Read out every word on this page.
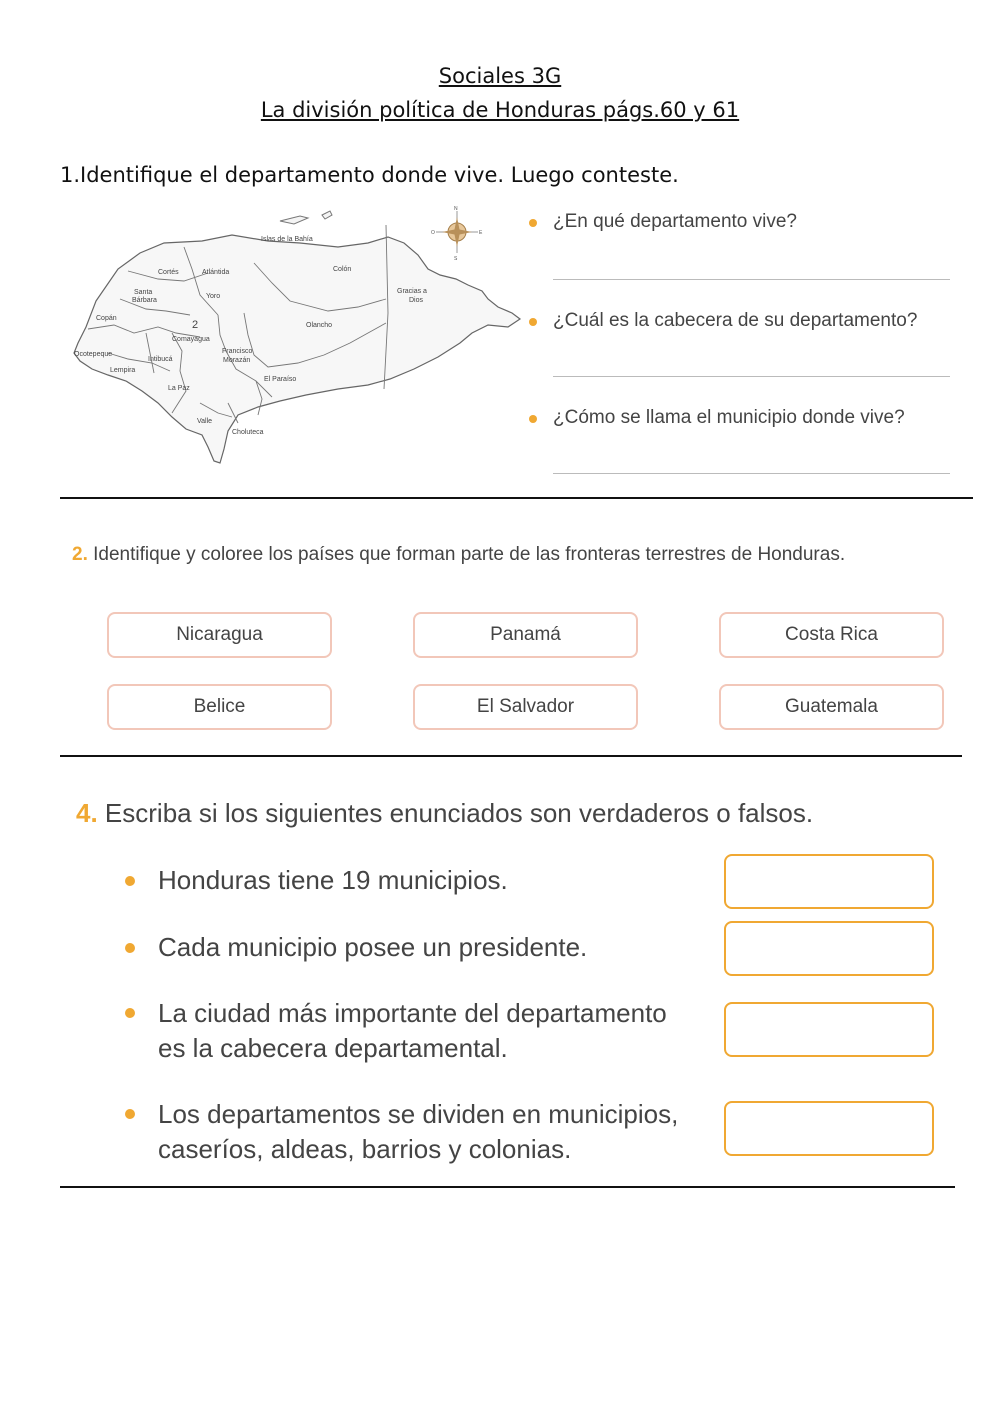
Sociales 3G
La división política de Honduras págs.60 y 61
1.Identifique el departamento donde vive. Luego conteste.
Islas de la Bahía
Cortés	Atlántida	Colón
Santa
Bárbara
Yoro
Gracias a
Dios
Copán
2	Olancho
Comayagua
Ocotepeque
Intibucá
Francisco
Morazán
Lempira
El Paraíso
La Paz
Valle
Choluteca
N
S
E
O
¿En qué departamento vive?
¿Cuál es la cabecera de su departamento?
¿Cómo se llama el municipio donde vive?
2. Identifique y coloree los países que forman parte de las fronteras terrestres de Honduras.
Nicaragua	Panamá	Costa Rica
Belice	El Salvador	Guatemala
4. Escriba si los siguientes enunciados son verdaderos o falsos.
Honduras tiene 19 municipios.
Cada municipio posee un presidente.
La ciudad más importante del departamento
es la cabecera departamental.
Los departamentos se dividen en municipios,
caseríos, aldeas, barrios y colonias.
